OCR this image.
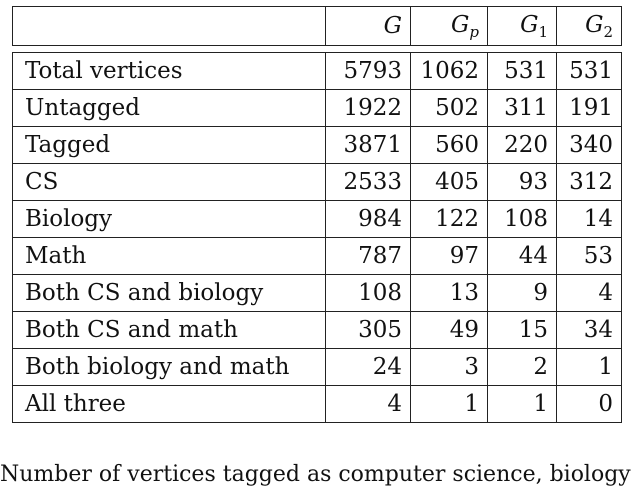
	G	$G_p$	$G_1$	$G_2$

Total vertices	5793	1062	531	531
Untagged	1922	502	311	191
Tagged	3871	560	220	340
CS	2533	405	93	312
Biology	984	122	108	14
Math	787	97	44	53
Both CS and biology	108	13	9	4
Both CS and math	305	49	15	34
Both biology and math	24	3	2	1
All three	4	1	1	0
Number of vertices tagged as computer science, biology
